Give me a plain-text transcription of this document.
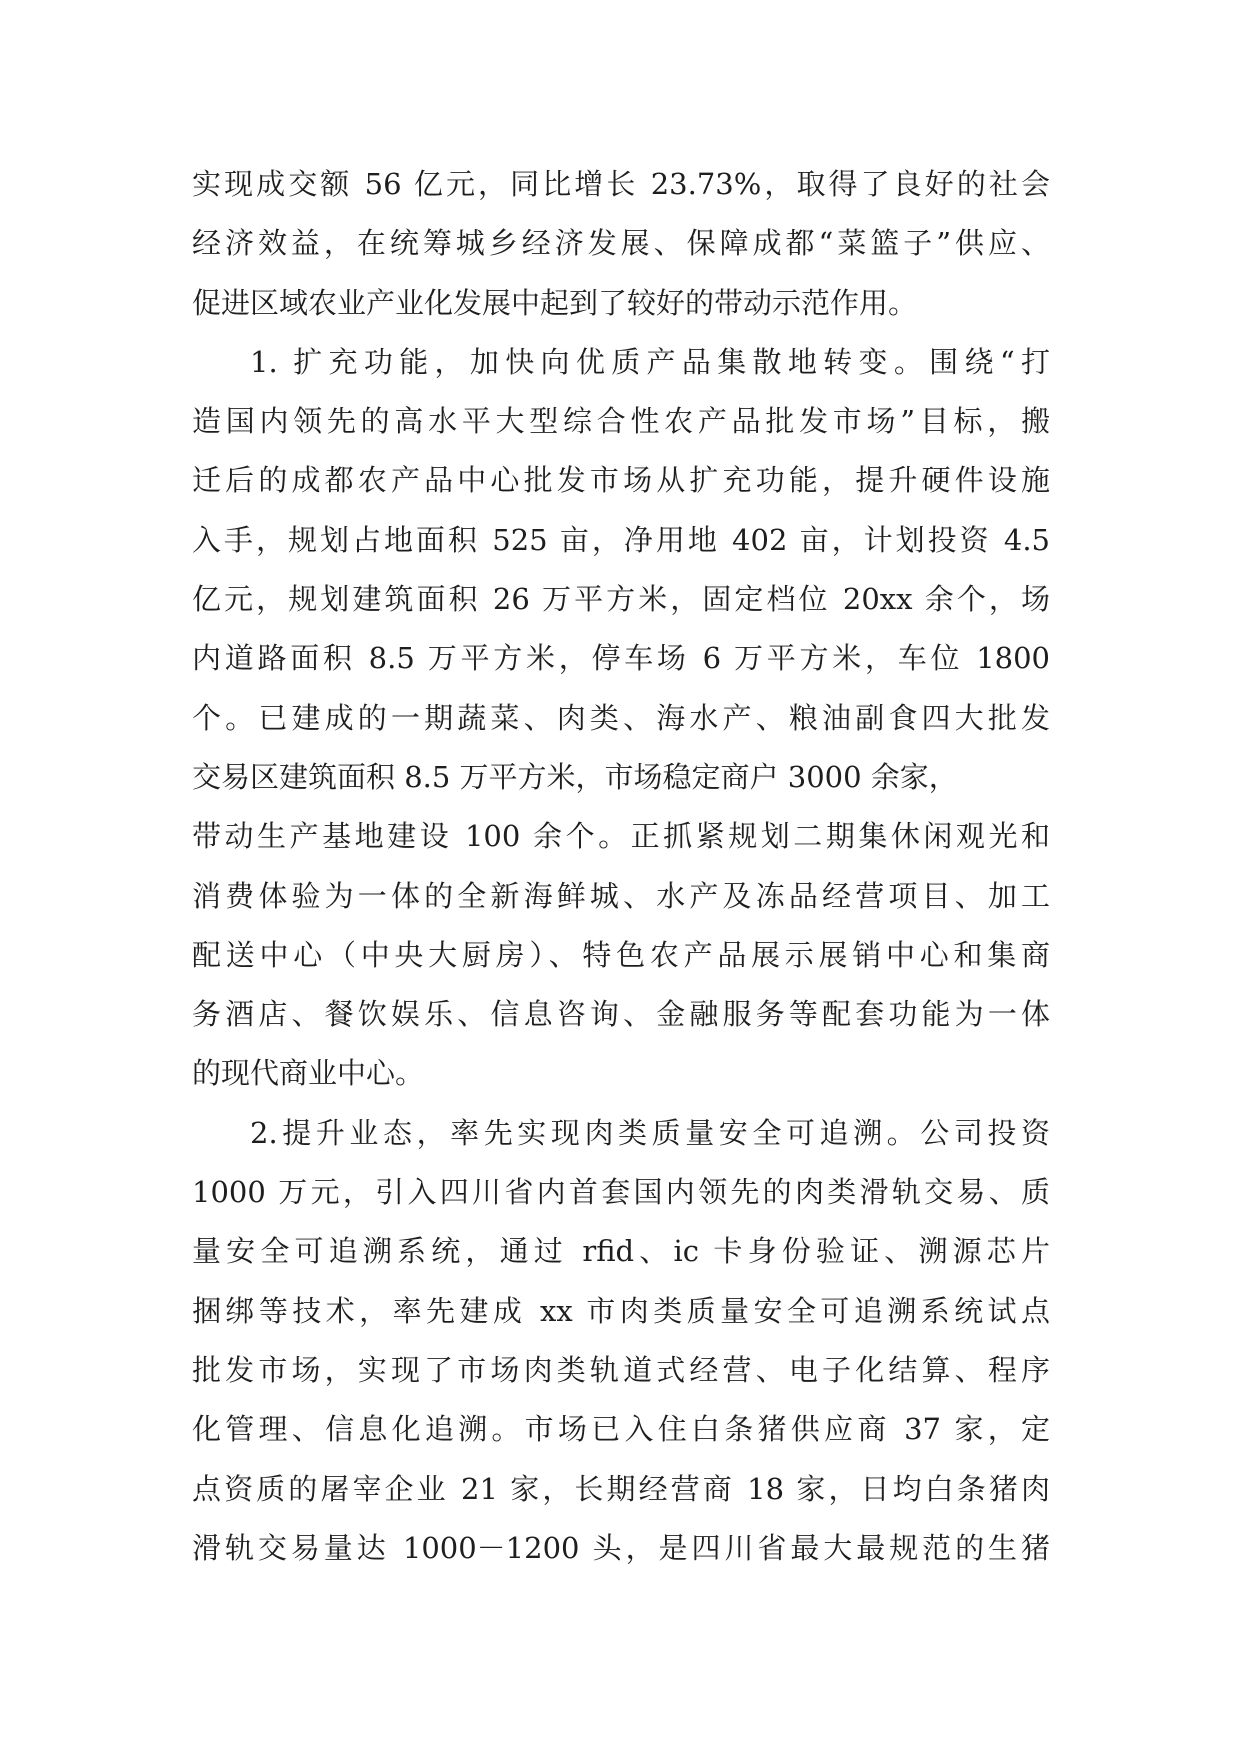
实现成交额 56 亿元，同比增长 23.73%，取得了良好的社会
经济效益，在统筹城乡经济发展、保障成都“菜篮子”供应、
促进区域农业产业化发展中起到了较好的带动示范作用。
1. 扩充功能，加快向优质产品集散地转变。围绕“打
造国内领先的高水平大型综合性农产品批发市场”目标，搬
迁后的成都农产品中心批发市场从扩充功能，提升硬件设施
入手，规划占地面积 525 亩，净用地 402 亩，计划投资 4.5
亿元，规划建筑面积 26 万平方米，固定档位 20xx 余个，场
内道路面积 8.5 万平方米，停车场 6 万平方米，车位 1800
个。已建成的一期蔬菜、肉类、海水产、粮油副食四大批发
交易区建筑面积 8.5 万平方米，市场稳定商户 3000 余家，
带动生产基地建设 100 余个。正抓紧规划二期集休闲观光和
消费体验为一体的全新海鲜城、水产及冻品经营项目、加工
配送中心（中央大厨房）、特色农产品展示展销中心和集商
务酒店、餐饮娱乐、信息咨询、金融服务等配套功能为一体
的现代商业中心。
2.提升业态，率先实现肉类质量安全可追溯。公司投资
1000 万元，引入四川省内首套国内领先的肉类滑轨交易、质
量安全可追溯系统，通过 rfid、ic 卡身份验证、溯源芯片
捆绑等技术，率先建成 xx 市肉类质量安全可追溯系统试点
批发市场，实现了市场肉类轨道式经营、电子化结算、程序
化管理、信息化追溯。市场已入住白条猪供应商 37 家，定
点资质的屠宰企业 21 家，长期经营商 18 家，日均白条猪肉
滑轨交易量达 1000－1200 头，是四川省最大最规范的生猪
